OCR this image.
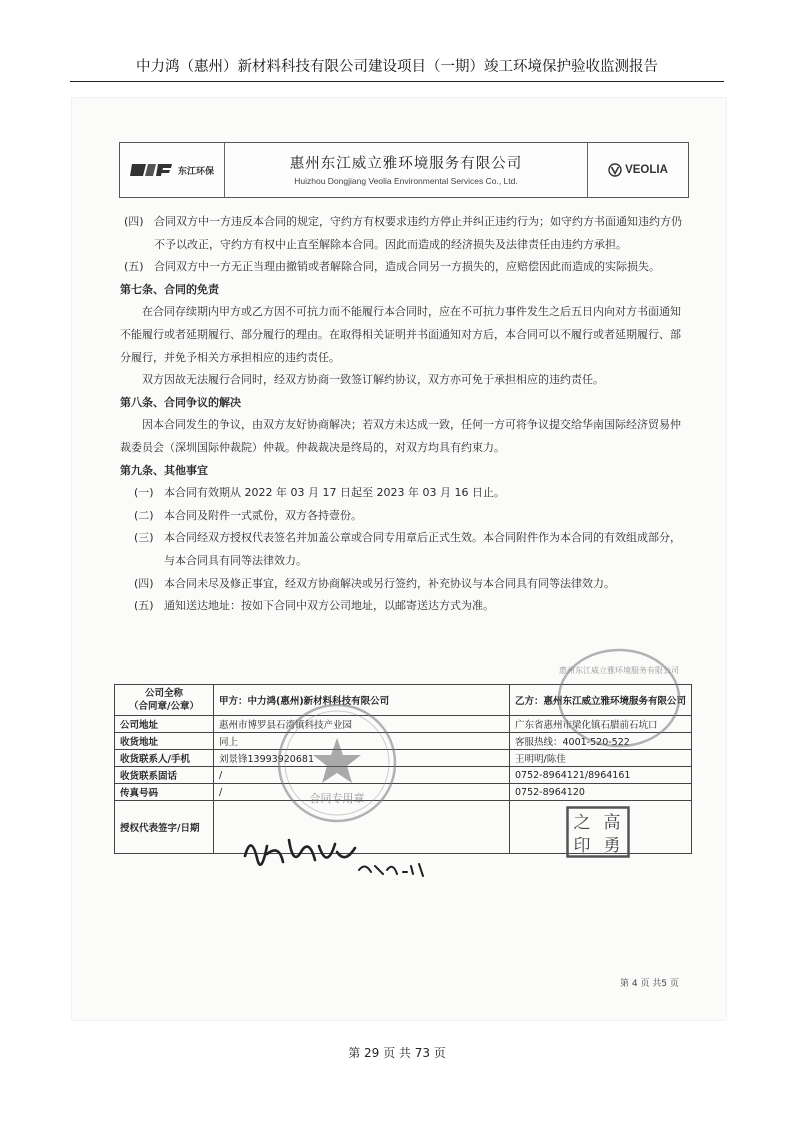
中力鸿（惠州）新材料科技有限公司建设项目（一期）竣工环境保护验收监测报告
东江环保	惠州东江威立雅环境服务有限公司
Huizhou Dongjiang Veolia Environmental Services Co., Ltd.
VEOLIA
(四) 合同双方中一方违反本合同的规定，守约方有权要求违约方停止并纠正违约行为；如守约方书面通知违约方仍不予以改正，守约方有权中止直至解除本合同。因此而造成的经济损失及法律责任由违约方承担。
(五) 合同双方中一方无正当理由撤销或者解除合同，造成合同另一方损失的，应赔偿因此而造成的实际损失。

第七条、合同的免责

在合同存续期内甲方或乙方因不可抗力而不能履行本合同时，应在不可抗力事件发生之后五日内向对方书面通知不能履行或者延期履行、部分履行的理由。在取得相关证明并书面通知对方后，本合同可以不履行或者延期履行、部分履行，并免予相关方承担相应的违约责任。

双方因故无法履行合同时，经双方协商一致签订解约协议，双方亦可免于承担相应的违约责任。

第八条、合同争议的解决

因本合同发生的争议，由双方友好协商解决；若双方未达成一致，任何一方可将争议提交给华南国际经济贸易仲裁委员会（深圳国际仲裁院）仲裁。仲裁裁决是终局的，对双方均具有约束力。

第九条、其他事宜

(一) 本合同有效期从 2022 年 03 月 17 日起至 2023 年 03 月 16 日止。
(二) 本合同及附件一式贰份，双方各持壹份。
(三) 本合同经双方授权代表签名并加盖公章或合同专用章后正式生效。本合同附件作为本合同的有效组成部分，与本合同具有同等法律效力。
(四) 本合同未尽及修正事宜，经双方协商解决或另行签约，补充协议与本合同具有同等法律效力。
(五) 通知送达地址：按如下合同中双方公司地址，以邮寄送达方式为准。
公司全称
（合同章/公章）	甲方：中力鸿(惠州)新材料科技有限公司	乙方：惠州东江威立雅环境服务有限公司
公司地址	惠州市博罗县石湾镇科技产业园	广东省惠州市梁化镇石腊前石坑口
收货地址	同上	客服热线：4001-520-522
收货联系人/手机	刘景锋13993920681	王明明/陈佳
收货联系固话	/	0752-8964121/8964161
传真号码	/	0752-8964120
授权代表签字/日期		
合同专用章
惠州东江威立雅环境服务有限公司
之 高
印 勇
第 4 页 共5 页
第 29 页 共 73 页
